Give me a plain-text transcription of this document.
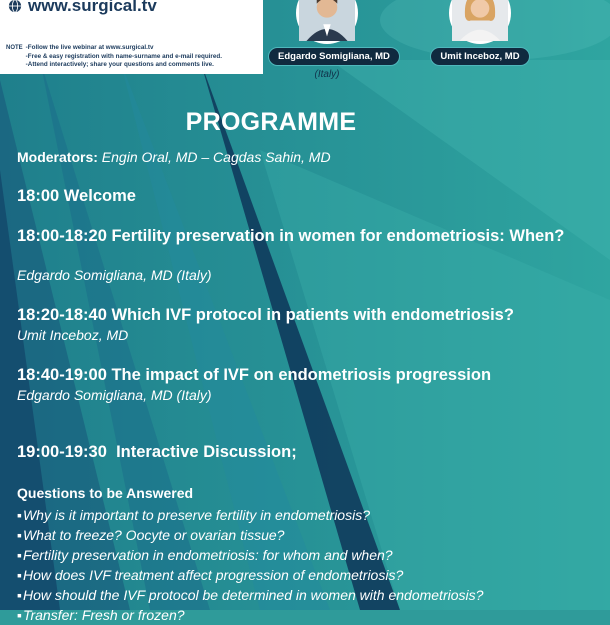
www.surgical.tv
NOTE -Follow the live webinar at www.surgical.tv
-Free & easy registration with name-surname and e-mail required.
-Attend interactively; share your questions and comments live.
Edgardo Somigliana, MD
(Italy)
Umit Inceboz, MD
PROGRAMME
Moderators: Engin Oral, MD – Cagdas Sahin, MD
18:00 Welcome
18:00-18:20 Fertility preservation in women for endometriosis: When?
Edgardo Somigliana, MD (Italy)
18:20-18:40 Which IVF protocol in patients with endometriosis?
Umit Inceboz, MD
18:40-19:00 The impact of IVF on endometriosis progression
Edgardo Somigliana, MD (Italy)
19:00-19:30  Interactive Discussion;
Questions to be Answered
▪ Why is it important to preserve fertility in endometriosis?
▪ What to freeze? Oocyte or ovarian tissue?
▪ Fertility preservation in endometriosis: for whom and when?
▪ How does IVF treatment affect progression of endometriosis?
▪ How should the IVF protocol be determined in women with endometriosis?
▪ Transfer: Fresh or frozen?
